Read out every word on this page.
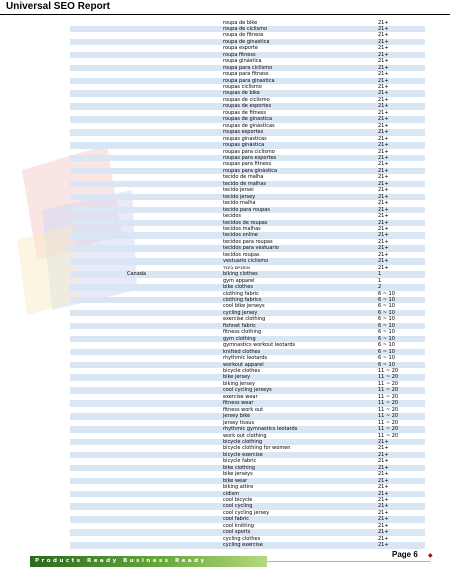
Universal SEO Report
roupa de bike	21+
roupa de ciclismo	21+
roupa de fitness	21+
roupa de ginastica	21+
roupa esporte	21+
roupa fitness	21+
roupa ginástica	21+
roupa para ciclismo	21+
roupa para fitness	21+
roupa para ginastica	21+
roupas ciclismo	21+
roupas de bike	21+
roupas de ciclismo	21+
roupas de esportes	21+
roupas de fitness	21+
roupas de ginastica	21+
roupas de ginásticas	21+
roupas esportes	21+
roupas ginasticas	21+
roupas ginástica	21+
roupas para ciclismo	21+
roupas para esportes	21+
roupas para fitness	21+
roupas para ginástica	21+
tecido de malha	21+
tecido de malhas	21+
tecido jersei	21+
tecido jersey	21+
tecido malha	21+
tecido para roupas	21+
tecidos	21+
tecidos de roupas	21+
tecidos malhas	21+
tecidos online	21+
tecidos para roupas	21+
tecidos para vestuario	21+
tecidos roupas	21+
vestuario ciclismo	21+
אופניים ביגוד	21+
Canada	biking clothes	1
gym apparel	1
bike clothes	2
clothing fabric	6 ~ 10
clothing fabrics	6 ~ 10
cool bike jerseys	6 ~ 10
cycling jersey	6 ~ 10
exercise clothing	6 ~ 10
fishnet fabric	6 ~ 10
fitness clothing	6 ~ 10
gym clothing	6 ~ 10
gymnastics workout leotards	6 ~ 10
knitted clothes	6 ~ 10
rhythmic leotards	6 ~ 10
workout apparel	6 ~ 10
bicycle clothes	11 ~ 20
bike jersey	11 ~ 20
biking jersey	11 ~ 20
cool cycling jerseys	11 ~ 20
exercise wear	11 ~ 20
fitness wear	11 ~ 20
fitness work out	11 ~ 20
jersey bike	11 ~ 20
jersey tissus	11 ~ 20
rhythmic gymnastics leotards	11 ~ 20
work out clothing	11 ~ 20
bicycle clothing	21+
bicycle clothing for women	21+
bicycle exercise	21+
bicycle fabric	21+
bike clothing	21+
bike jerseys	21+
bike wear	21+
biking attire	21+
cidism	21+
cool bicycle	21+
cool cycling	21+
cool cycling jersey	21+
cool fabric	21+
cool knitting	21+
cool sports	21+
cycling clothes	21+
cycling exercise	21+
Products Ready Business Ready
Page 6 ◆
